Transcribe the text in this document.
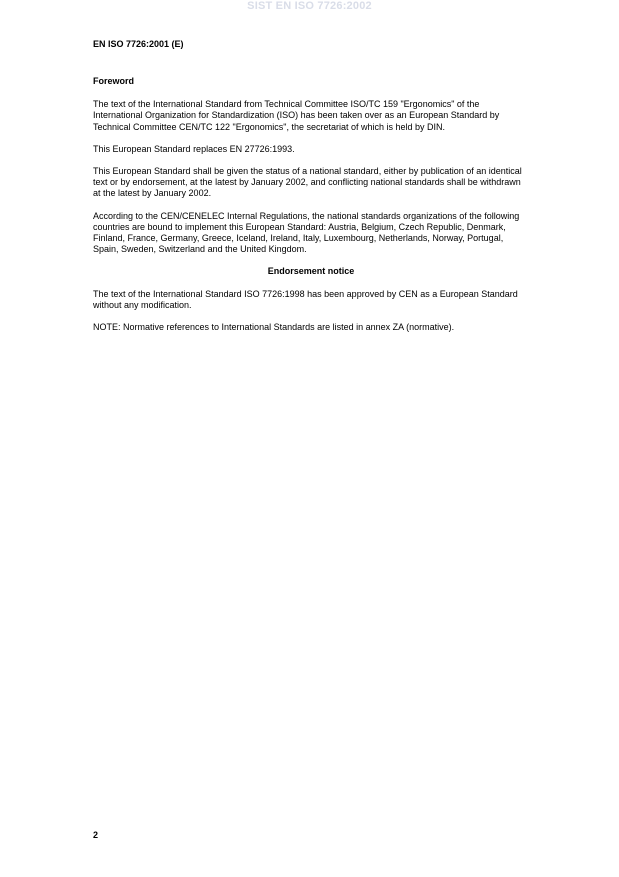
SIST EN ISO 7726:2002
EN ISO 7726:2001 (E)
Foreword

The text of the International Standard from Technical Committee ISO/TC 159 "Ergonomics" of the International Organization for Standardization (ISO) has been taken over as an European Standard by Technical Committee CEN/TC 122 "Ergonomics", the secretariat of which is held by DIN.

This European Standard replaces EN 27726:1993.

This European Standard shall be given the status of a national standard, either by publication of an identical text or by endorsement, at the latest by January 2002, and conflicting national standards shall be withdrawn at the latest by January 2002.

According to the CEN/CENELEC Internal Regulations, the national standards organizations of the following countries are bound to implement this European Standard: Austria, Belgium, Czech Republic, Denmark, Finland, France, Germany, Greece, Iceland, Ireland, Italy, Luxembourg, Netherlands, Norway, Portugal, Spain, Sweden, Switzerland and the United Kingdom.

Endorsement notice

The text of the International Standard ISO 7726:1998 has been approved by CEN as a European Standard without any modification.

NOTE: Normative references to International Standards are listed in annex ZA (normative).

2
